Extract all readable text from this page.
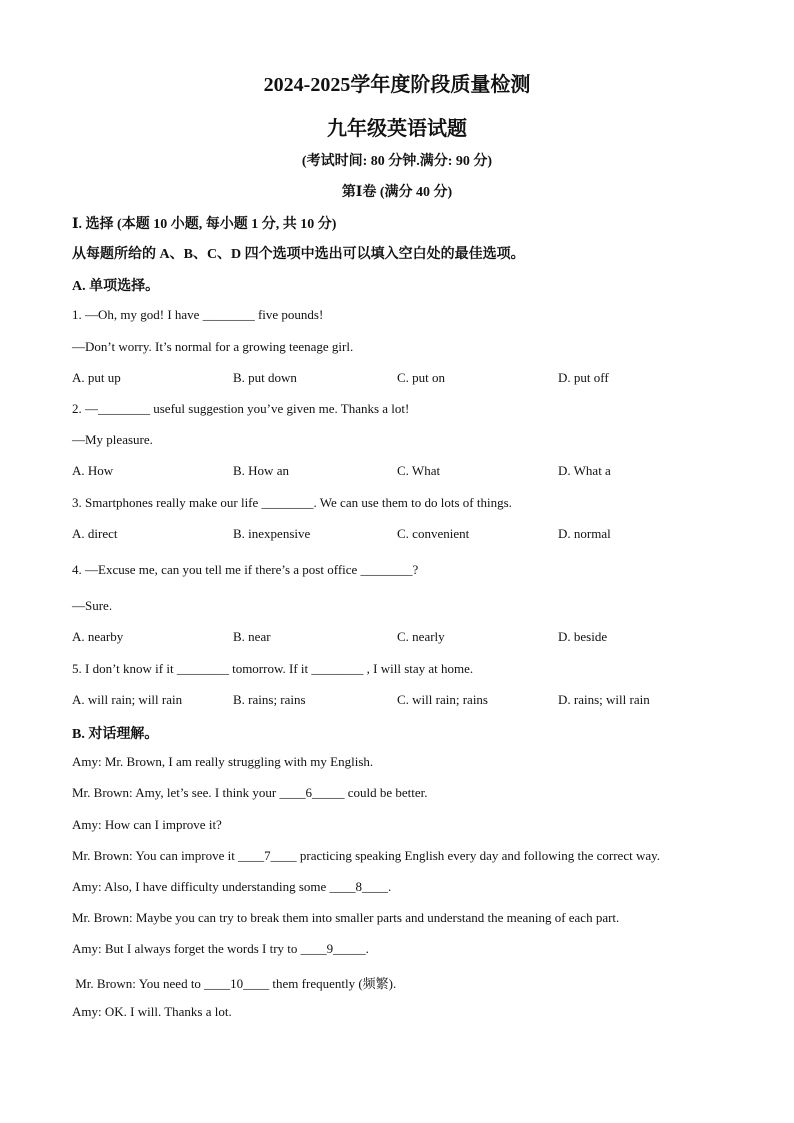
2024-2025学年度阶段质量检测
九年级英语试题
(考试时间: 80 分钟.满分: 90 分)
第Ⅰ卷 (满分 40 分)
Ⅰ. 选择 (本题 10 小题, 每小题 1 分, 共 10 分)
从每题所给的 A、B、C、D 四个选项中选出可以填入空白处的最佳选项。
A. 单项选择。
1. —Oh, my god! I have ________ five pounds!
—Don’t worry. It’s normal for a growing teenage girl.
A. put up	B. put down	C. put on	D. put off
2. —________ useful suggestion you’ve given me. Thanks a lot!
—My pleasure.
A. How	B. How an	C. What	D. What a
3. Smartphones really make our life ________. We can use them to do lots of things.
A. direct	B. inexpensive	C. convenient	D. normal
4. —Excuse me, can you tell me if there’s a post office ________?
—Sure.
A. nearby	B. near	C. nearly	D. beside
5. I don’t know if it ________ tomorrow. If it ________ , I will stay at home.
A. will rain; will rain	B. rains; rains	C. will rain; rains	D. rains; will rain
B. 对话理解。
Amy: Mr. Brown, I am really struggling with my English.
Mr. Brown: Amy, let’s see. I think your ____6_____ could be better.
Amy: How can I improve it?
Mr. Brown: You can improve it ____7____ practicing speaking English every day and following the correct way.
Amy: Also, I have difficulty understanding some ____8____.
Mr. Brown: Maybe you can try to break them into smaller parts and understand the meaning of each part.
Amy: But I always forget the words I try to ____9_____.
Mr. Brown: You need to ____10____ them frequently (频繁).
Amy: OK. I will. Thanks a lot.
